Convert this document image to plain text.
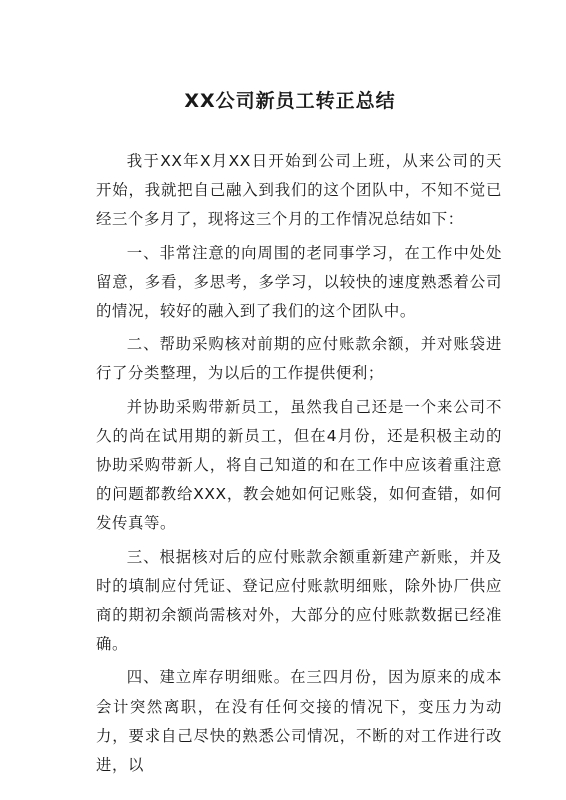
XX公司新员工转正总结

我于XX年X月XX日开始到公司上班，从来公司的天开始，我就把自己融入到我们的这个团队中，不知不觉已经三个多月了，现将这三个月的工作情况总结如下：

一、非常注意的向周围的老同事学习，在工作中处处留意，多看，多思考，多学习，以较快的速度熟悉着公司的情况，较好的融入到了我们的这个团队中。

二、帮助采购核对前期的应付账款余额，并对账袋进行了分类整理，为以后的工作提供便利；

并协助采购带新员工，虽然我自己还是一个来公司不久的尚在试用期的新员工，但在4月份，还是积极主动的协助采购带新人，将自己知道的和在工作中应该着重注意的问题都教给XXX，教会她如何记账袋，如何查错，如何发传真等。

三、根据核对后的应付账款余额重新建产新账，并及时的填制应付凭证、登记应付账款明细账，除外协厂供应商的期初余额尚需核对外，大部分的应付账款数据已经准确。

四、建立库存明细账。在三四月份，因为原来的成本会计突然离职，在没有任何交接的情况下，变压力为动力，要求自己尽快的熟悉公司情况，不断的对工作进行改进，以
